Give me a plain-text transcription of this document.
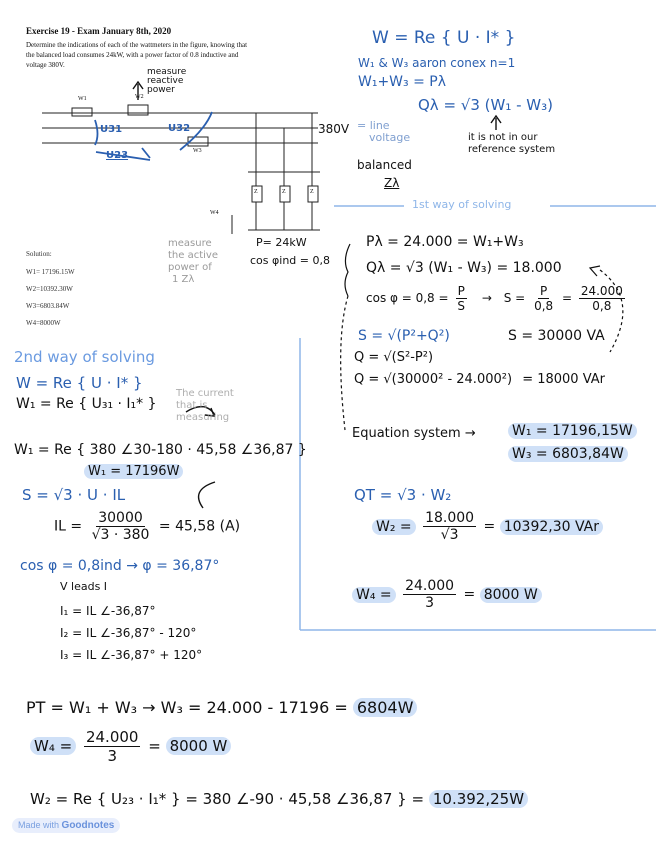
Exercise 19 - Exam January 8th, 2020
Determine the indications of each of the wattmeters in the figure, knowing that
the balanced load consumes 24kW, with a power factor of 0.8 inductive and
voltage 380V.
W1	W2
W3
W4
measure
reactive
power
U31	U32
U23
380V = line
voltage
Z	Z	Z
measure
the active
power of
1 Zλ
P= 24kW
cos φind = 0,8
Solution:
W1= 17196.15W
W2=10392.30W
W3=6803.84W
W4=8000W
W = Re { U · I* }
W₁ & W₃ aaron conex n=1
W₁+W₃ = Pλ
Qλ = √3 (W₁ - W₃)
it is not in our
reference system
balanced
Zλ
1st way of solving
Pλ = 24.000 = W₁+W₃
Qλ = √3 (W₁ - W₃) = 18.000
$\cos \varphi = 0,8 = \frac{P}{S} \to S = \frac{P}{0,8} = \frac{24.000}{0,8}$
S = 30000 VA
S = √(P²+Q²)
Q = √(S²-P²)
Q = √(30000² - 24.000²) = 18000 VAr
Equation system →	W₁ = 17196,15W
W₃ = 6803,84W
QT = √3 · W₂
$W_2 = \frac{18.000}{√3} = 10392,30$ VAr
$W_4 = \frac{24.000}{3} = 8000$ W
2nd way of solving
W = Re { U · I* }
W₁ = Re { U₃₁ · I₁* }
The current
that is
measuring
W₁ = Re { 380 ∠30-180 · 45,58 ∠36,87 }
W₁ = 17196W
S = √3 · U · IL
IL = $\frac{30000}{√3 \cdot 380} = 45,58$ (A)
cos φ = 0,8ind → φ = 36,87°
V leads I
I₁ = IL ∠-36,87°
I₂ = IL ∠-36,87° - 120°
I₃ = IL ∠-36,87° + 120°
PT = W₁ + W₃ → W₃ = 24.000 - 17196 = 6804W
$W_4 = \frac{24.000}{3} = 8000$ W
W₂ = Re { U₂₃ · I₁* } = 380 ∠-90 · 45,58 ∠36,87 } = 10.392,25W
Made with Goodnotes
